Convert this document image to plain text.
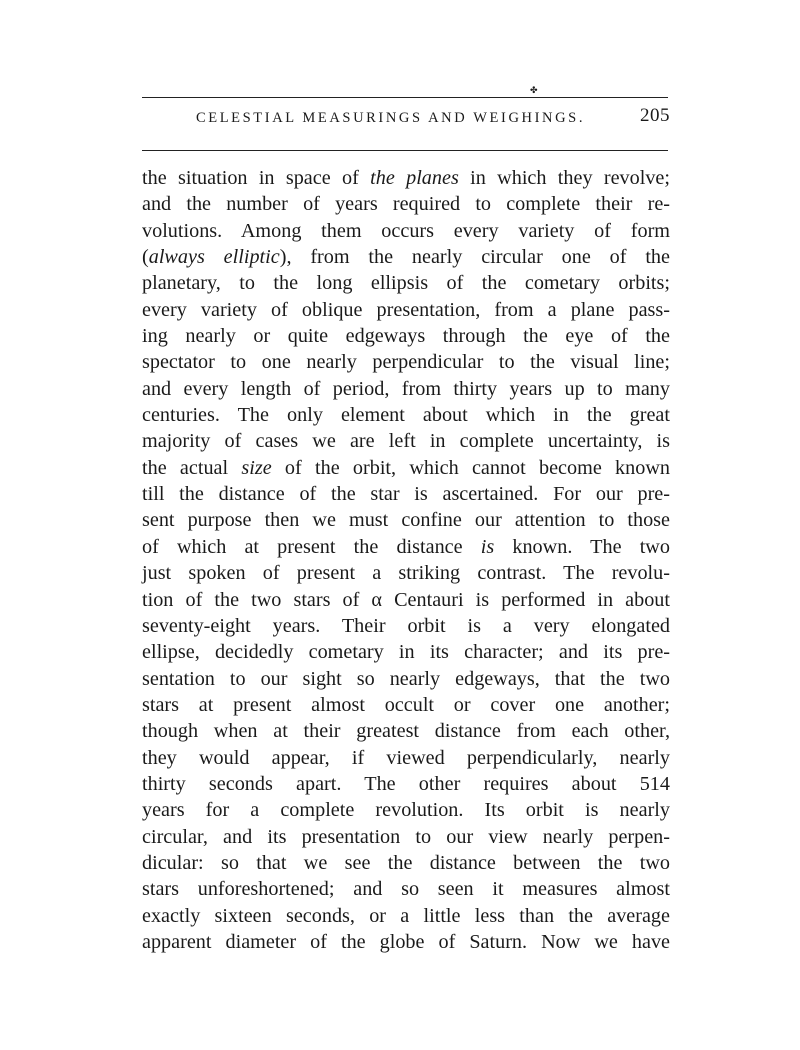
✤
CELESTIAL MEASURINGS AND WEIGHINGS.	205
the situation in space of the planes in which they revolve;
and the number of years required to complete their re-
volutions. Among them occurs every variety of form
(always elliptic), from the nearly circular one of the
planetary, to the long ellipsis of the cometary orbits;
every variety of oblique presentation, from a plane pass-
ing nearly or quite edgeways through the eye of the
spectator to one nearly perpendicular to the visual line;
and every length of period, from thirty years up to many
centuries. The only element about which in the great
majority of cases we are left in complete uncertainty, is
the actual size of the orbit, which cannot become known
till the distance of the star is ascertained. For our pre-
sent purpose then we must confine our attention to those
of which at present the distance is known. The two
just spoken of present a striking contrast. The revolu-
tion of the two stars of α Centauri is performed in about
seventy-eight years. Their orbit is a very elongated
ellipse, decidedly cometary in its character; and its pre-
sentation to our sight so nearly edgeways, that the two
stars at present almost occult or cover one another;
though when at their greatest distance from each other,
they would appear, if viewed perpendicularly, nearly
thirty seconds apart. The other requires about 514
years for a complete revolution. Its orbit is nearly
circular, and its presentation to our view nearly perpen-
dicular: so that we see the distance between the two
stars unforeshortened; and so seen it measures almost
exactly sixteen seconds, or a little less than the average
apparent diameter of the globe of Saturn. Now we have
